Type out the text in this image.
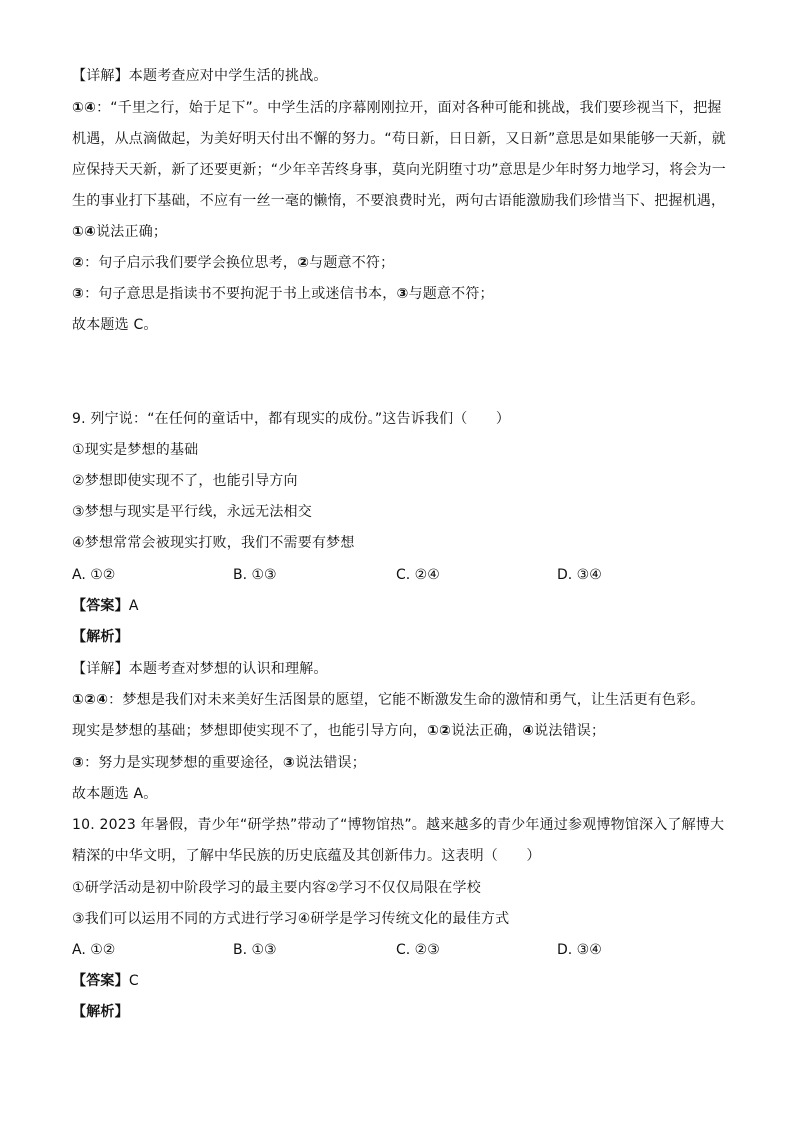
【详解】本题考查应对中学生活的挑战。
①④：“千里之行，始于足下”。中学生活的序幕刚刚拉开，面对各种可能和挑战，我们要珍视当下，把握
机遇，从点滴做起，为美好明天付出不懈的努力。“苟日新，日日新，又日新”意思是如果能够一天新，就
应保持天天新，新了还要更新；“少年辛苦终身事，莫向光阴堕寸功”意思是少年时努力地学习，将会为一
生的事业打下基础，不应有一丝一毫的懒惰，不要浪费时光，两句古语能激励我们珍惜当下、把握机遇，
①④说法正确；
②：句子启示我们要学会换位思考，②与题意不符；
③：句子意思是指读书不要拘泥于书上或迷信书本，③与题意不符；
故本题选 C。
9. 列宁说：“在任何的童话中，都有现实的成份。”这告诉我们（　　）
①现实是梦想的基础
②梦想即使实现不了，也能引导方向
③梦想与现实是平行线，永远无法相交
④梦想常常会被现实打败，我们不需要有梦想
A. ①②	B. ①③	C. ②④	D. ③④
【答案】A
【解析】
【详解】本题考查对梦想的认识和理解。
①②④：梦想是我们对未来美好生活图景的愿望，它能不断激发生命的激情和勇气，让生活更有色彩。
现实是梦想的基础；梦想即使实现不了，也能引导方向，①②说法正确，④说法错误；
③：努力是实现梦想的重要途径，③说法错误；
故本题选 A。
10. 2023 年暑假，青少年“研学热”带动了“博物馆热”。越来越多的青少年通过参观博物馆深入了解博大
精深的中华文明，了解中华民族的历史底蕴及其创新伟力。这表明（　　）
①研学活动是初中阶段学习的最主要内容②学习不仅仅局限在学校
③我们可以运用不同的方式进行学习④研学是学习传统文化的最佳方式
A. ①②	B. ①③	C. ②③	D. ③④
【答案】C
【解析】
